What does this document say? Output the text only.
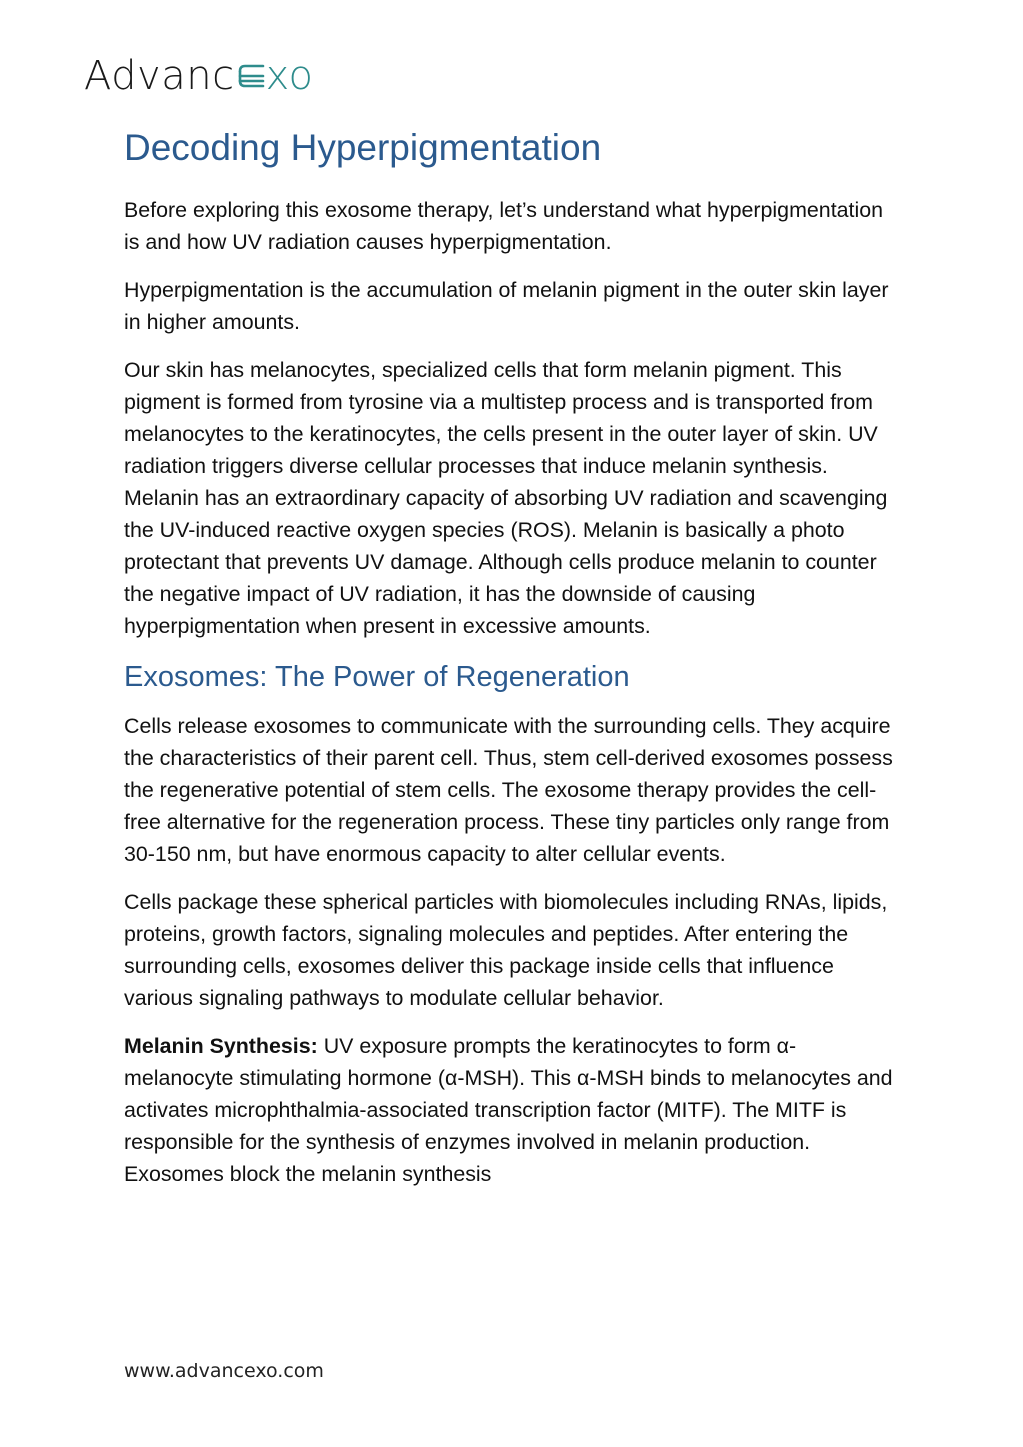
Advanc xo
Decoding Hyperpigmentation

Before exploring this exosome therapy, let’s understand what hyperpigmentation is and how UV radiation causes hyperpigmentation.

Hyperpigmentation is the accumulation of melanin pigment in the outer skin layer in higher amounts.

Our skin has melanocytes, specialized cells that form melanin pigment. This pigment is formed from tyrosine via a multistep process and is transported from melanocytes to the keratinocytes, the cells present in the outer layer of skin. UV radiation triggers diverse cellular processes that induce melanin synthesis. Melanin has an extraordinary capacity of absorbing UV radiation and scavenging the UV-induced reactive oxygen species (ROS). Melanin is basically a photo protectant that prevents UV damage. Although cells produce melanin to counter the negative impact of UV radiation, it has the downside of causing hyperpigmentation when present in excessive amounts.

Exosomes: The Power of Regeneration

Cells release exosomes to communicate with the surrounding cells. They acquire the characteristics of their parent cell. Thus, stem cell-derived exosomes possess the regenerative potential of stem cells. The exosome therapy provides the cell-free alternative for the regeneration process. These tiny particles only range from 30-150 nm, but have enormous capacity to alter cellular events.

Cells package these spherical particles with biomolecules including RNAs, lipids, proteins, growth factors, signaling molecules and peptides. After entering the surrounding cells, exosomes deliver this package inside cells that influence various signaling pathways to modulate cellular behavior.

Melanin Synthesis: UV exposure prompts the keratinocytes to form α-melanocyte stimulating hormone (α-MSH). This α-MSH binds to melanocytes and activates microphthalmia-associated transcription factor (MITF). The MITF is responsible for the synthesis of enzymes involved in melanin production. Exosomes block the melanin synthesis

www.advancexo.com
